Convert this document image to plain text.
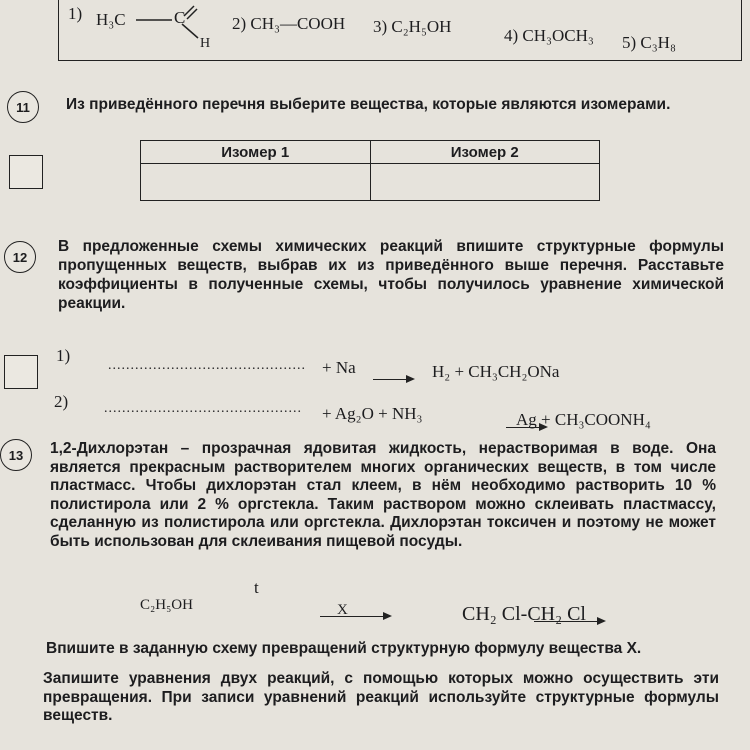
1) H₃C	C
H
2) CH₃—COOH 3) C₂H₅OH	4) CH₃OCH₃ 5) C₃H₈
11	Из приведённого перечня выберите вещества, которые являются изомерами.
Изомер 1	Изомер 2

12
В предложенные схемы химических реакций впишите структурные формулы пропущенных веществ, выбрав их из приведённого выше перечня. Расставьте коэффициенты в полученные схемы, чтобы получилось уравнение химической реакции.
1)
............................................ + Na → H₂ + CH₃CH₂ONa
2)	............................................ + Ag₂O + NH₃
	Ag + CH₃COONH₄
13	1,2-Дихлорэтан – прозрачная ядовитая жидкость, нерастворимая в воде. Она является прекрасным растворителем многих органических веществ, в том числе пластмасс. Чтобы дихлорэтан стал клеем, в нём необходимо растворить 10 % полистирола или 2 % оргстекла. Таким раствором можно склеивать пластмассу, сделанную из полистирола или оргстекла. Дихлорэтан токсичен и поэтому не может быть использован для склеивания пищевой посуды.
C₂H₅OH
t

X	CH₂ Cl-CH₂ Cl
Впишите в заданную схему превращений структурную формулу вещества X.
Запишите уравнения двух реакций, с помощью которых можно осуществить эти превращения. При записи уравнений реакций используйте структурные формулы веществ.
